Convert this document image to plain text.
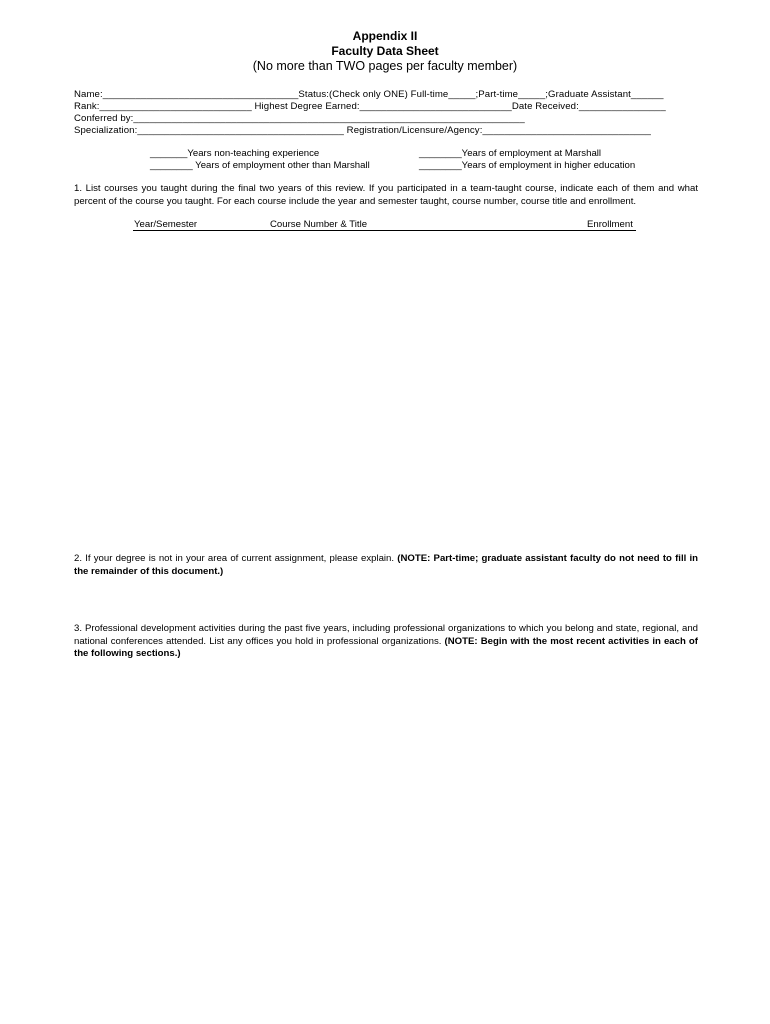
Appendix II
Faculty Data Sheet
(No more than TWO pages per faculty member)
Name:____________________________________Status:(Check only ONE) Full-time_____;Part-time_____;Graduate Assistant______
Rank:____________________________ Highest Degree Earned:____________________________Date Received:________________
Conferred by:________________________________________________________________________
Specialization:______________________________________ Registration/Licensure/Agency:_______________________________
_______Years non-teaching experience
________ Years of employment other than Marshall
________Years of employment at Marshall
________Years of employment in higher education
1. List courses you taught during the final two years of this review. If you participated in a team-taught course, indicate each of them and what percent of the course you taught. For each course include the year and semester taught, course number, course title and enrollment.
Year/Semester	Course Number & Title	Enrollment
2. If your degree is not in your area of current assignment, please explain. (NOTE: Part-time; graduate assistant faculty do not need to fill in the remainder of this document.)
3. Professional development activities during the past five years, including professional organizations to which you belong and state, regional, and national conferences attended. List any offices you hold in professional organizations. (NOTE: Begin with the most recent activities in each of the following sections.)
